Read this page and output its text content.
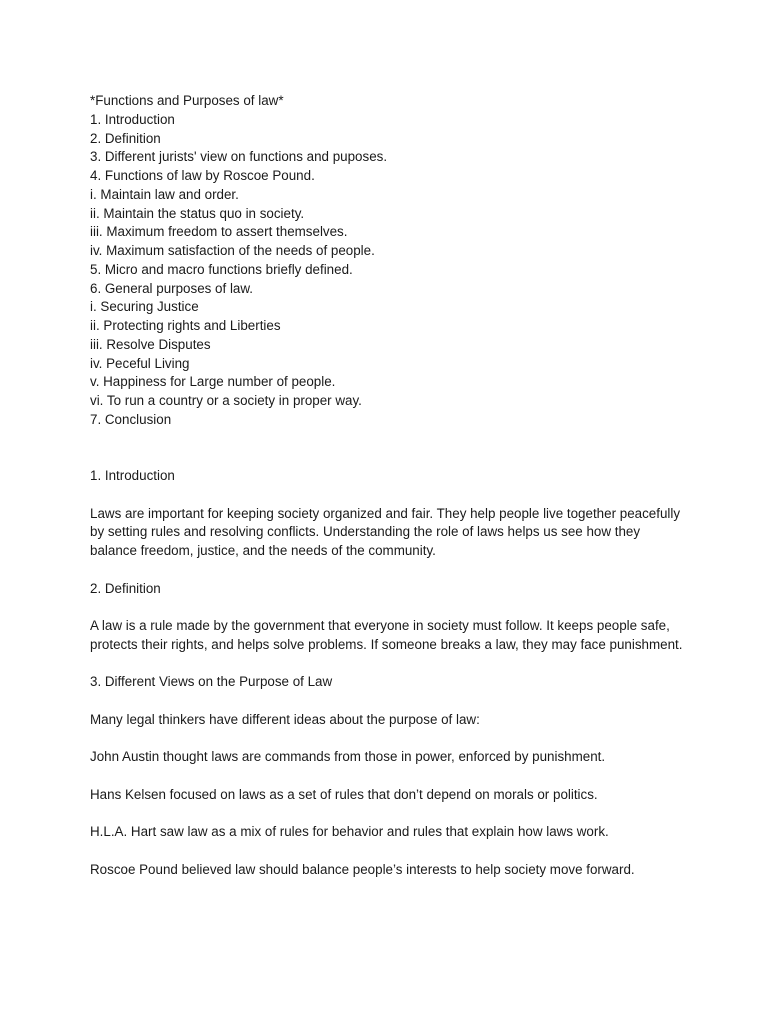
*Functions and Purposes of law*
1. Introduction
2. Definition
3. Different jurists' view on functions and puposes.
4. Functions of law by Roscoe Pound.
i. Maintain law and order.
ii. Maintain the status quo in society.
iii. Maximum freedom to assert themselves.
iv. Maximum satisfaction of the needs of people.
5. Micro and macro functions briefly defined.
6. General purposes of law.
i. Securing Justice
ii. Protecting rights and Liberties
iii. Resolve Disputes
iv. Peceful Living
v. Happiness for Large number of people.
vi. To run a country or a society in proper way.
7. Conclusion
1. Introduction
Laws are important for keeping society organized and fair. They help people live together peacefully by setting rules and resolving conflicts. Understanding the role of laws helps us see how they balance freedom, justice, and the needs of the community.
2. Definition
A law is a rule made by the government that everyone in society must follow. It keeps people safe, protects their rights, and helps solve problems. If someone breaks a law, they may face punishment.
3. Different Views on the Purpose of Law
Many legal thinkers have different ideas about the purpose of law:
John Austin thought laws are commands from those in power, enforced by punishment.
Hans Kelsen focused on laws as a set of rules that don’t depend on morals or politics.
H.L.A. Hart saw law as a mix of rules for behavior and rules that explain how laws work.
Roscoe Pound believed law should balance people’s interests to help society move forward.
